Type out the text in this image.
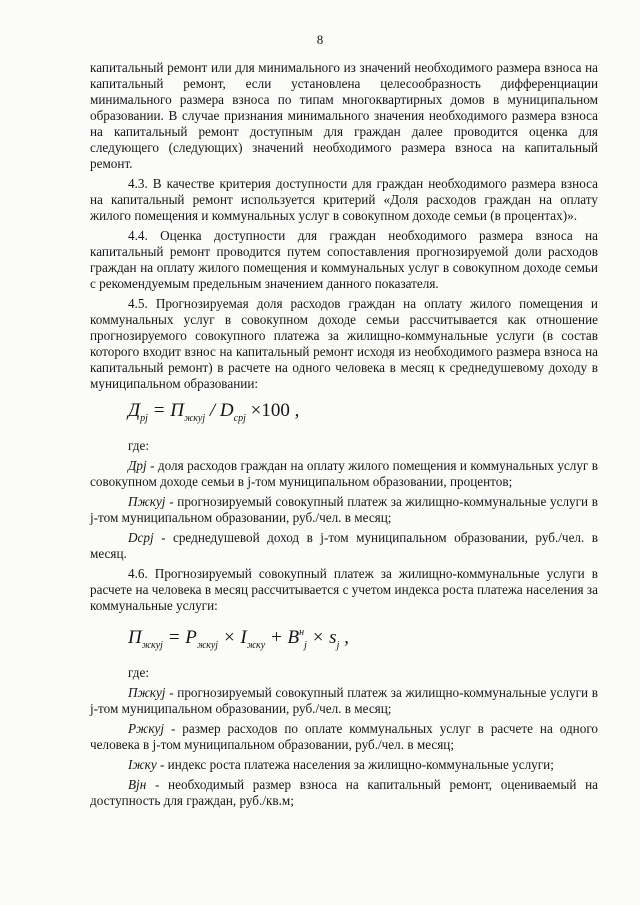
8

капитальный ремонт или для минимального из значений необходимого размера взноса на капитальный ремонт, если установлена целесообразность дифференциации минимального размера взноса по типам многоквартирных домов в муниципальном образовании. В случае признания минимального значения необходимого размера взноса на капитальный ремонт доступным для граждан далее проводится оценка для следующего (следующих) значений необходимого размера взноса на капитальный ремонт.

4.3. В качестве критерия доступности для граждан необходимого размера взноса на капитальный ремонт используется критерий «Доля расходов граждан на оплату жилого помещения и коммунальных услуг в совокупном доходе семьи (в процентах)».

4.4. Оценка доступности для граждан необходимого размера взноса на капитальный ремонт проводится путем сопоставления прогнозируемой доли расходов граждан на оплату жилого помещения и коммунальных услуг в совокупном доходе семьи с рекомендуемым предельным значением данного показателя.

4.5. Прогнозируемая доля расходов граждан на оплату жилого помещения и коммунальных услуг в совокупном доходе семьи рассчитывается как отношение прогнозируемого совокупного платежа за жилищно-коммунальные услуги (в состав которого входит взнос на капитальный ремонт исходя из необходимого размера взноса на капитальный ремонт) в расчете на одного человека в месяц к среднедушевому доходу в муниципальном образовании:

$Д_{pj} = П_{жкуj} / D_{cpj} \times 100$ ,
где:

Дpj - доля расходов граждан на оплату жилого помещения и коммунальных услуг в совокупном доходе семьи в j-том муниципальном образовании, процентов;

Пжкуj - прогнозируемый совокупный платеж за жилищно-коммунальные услуги в j-том муниципальном образовании, руб./чел. в месяц;

Dcpj - среднедушевой доход в j-том муниципальном образовании, руб./чел. в месяц.

4.6. Прогнозируемый совокупный платеж за жилищно-коммунальные услуги в расчете на человека в месяц рассчитывается с учетом индекса роста платежа населения за коммунальные услуги:

$П_{жкуj} = P_{жкуj} \times I_{жку} + B^н_j \times s_j$ ,
где:

Пжкуj - прогнозируемый совокупный платеж за жилищно-коммунальные услуги в j-том муниципальном образовании, руб./чел. в месяц;

Pжкуj - размер расходов по оплате коммунальных услуг в расчете на одного человека в j-том муниципальном образовании, руб./чел. в месяц;

Iжку - индекс роста платежа населения за жилищно-коммунальные услуги;

Bjн - необходимый размер взноса на капитальный ремонт, оцениваемый на доступность для граждан, руб./кв.м;
